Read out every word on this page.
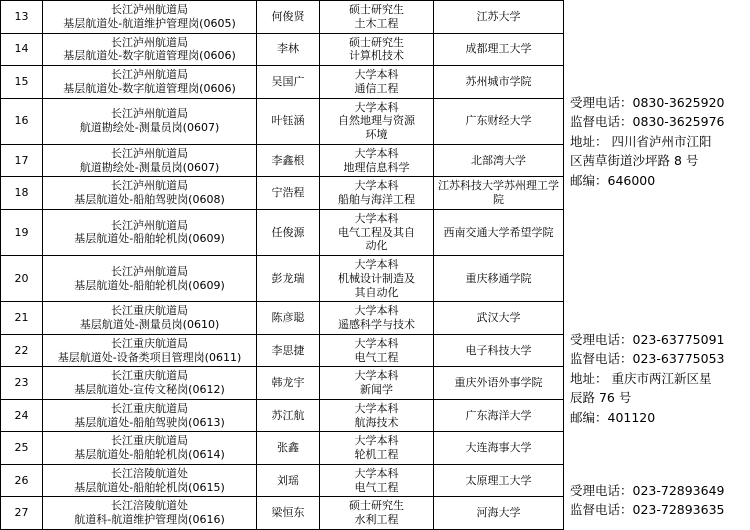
13	长江泸州航道局
基层航道处-航道维护管理岗(0605)	何俊贤	硕士研究生
土木工程	江苏大学
14	长江泸州航道局
基层航道处-数字航道管理岗(0606)	李林	硕士研究生
计算机技术	成都理工大学
15	长江泸州航道局
基层航道处-数字航道管理岗(0606)	吴国广	大学本科
通信工程	苏州城市学院
16	长江泸州航道局
航道勘绘处-测量员岗(0607)	叶钰涵	大学本科
自然地理与资源
环境	广东财经大学
17	长江泸州航道局
航道勘绘处-测量员岗(0607)	李鑫根	大学本科
地理信息科学	北部湾大学
18	长江泸州航道局
基层航道处-船舶驾驶岗(0608)	宁浩程	大学本科
船舶与海洋工程	江苏科技大学苏州理工学院
19	长江泸州航道局
基层航道处-船舶轮机岗(0609)	任俊源	大学本科
电气工程及其自
动化	西南交通大学希望学院
20	长江泸州航道局
基层航道处-船舶轮机岗(0609)	彭龙瑞	大学本科
机械设计制造及
其自动化	重庆移通学院
21	长江重庆航道局
基层航道处-测量员岗(0610)	陈彦聪	大学本科
遥感科学与技术	武汉大学
22	长江重庆航道局
基层航道处-设备类项目管理岗(0611)	李思捷	大学本科
电气工程	电子科技大学
23	长江重庆航道局
基层航道处-宣传文秘岗(0612)	韩龙宇	大学本科
新闻学	重庆外语外事学院
24	长江重庆航道局
基层航道处-船舶驾驶岗(0613)	苏江航	大学本科
航海技术	广东海洋大学
25	长江重庆航道局
基层航道处-船舶轮机岗(0614)	张鑫	大学本科
轮机工程	大连海事大学
26	长江涪陵航道处
基层航道处-船舶轮机岗(0615)	刘瑶	大学本科
电气工程	太原理工大学
27	长江涪陵航道处
航道科-航道维护管理岗(0616)	梁恒东	硕士研究生
水利工程	河海大学
受理电话：0830-3625920
监督电话：0830-3625976
地址： 四川省泸州市江阳
区茜草街道沙坪路 8 号
邮编：646000
受理电话：023-63775091
监督电话：023-63775053
地址： 重庆市两江新区星
辰路 76 号
邮编：401120
受理电话：023-72893649
监督电话：023-72893635
